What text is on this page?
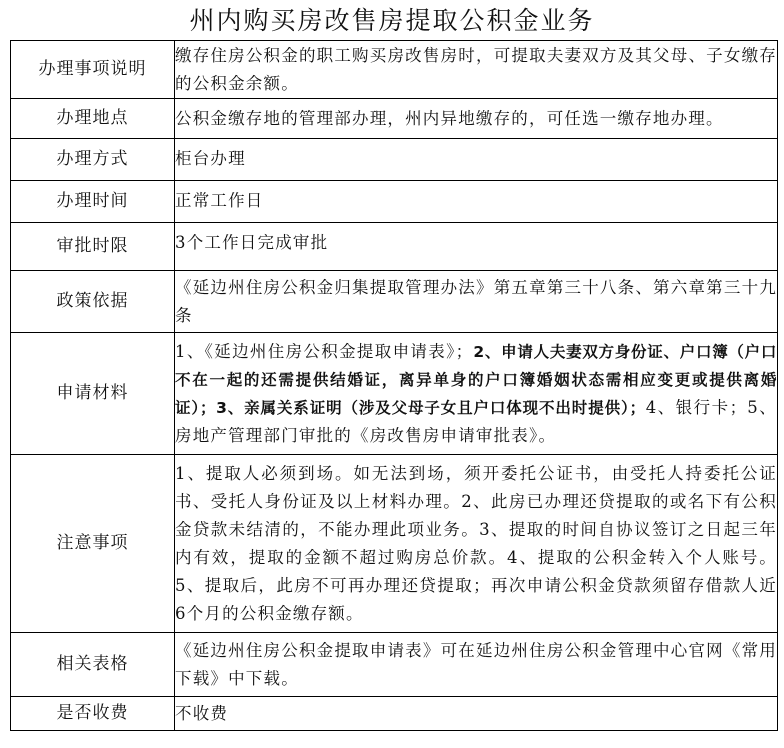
州内购买房改售房提取公积金业务
办理事项说明	缴存住房公积金的职工购买房改售房时，可提取夫妻双方及其父母、子女缴存的公积金余额。
办理地点	公积金缴存地的管理部办理，州内异地缴存的，可任选一缴存地办理。
办理方式	柜台办理
办理时间	正常工作日
审批时限	3个工作日完成审批
政策依据	《延边州住房公积金归集提取管理办法》第五章第三十八条、第六章第三十九条
申请材料	1、《延边州住房公积金提取申请表》；2、申请人夫妻双方身份证、户口簿（户口不在一起的还需提供结婚证，离异单身的户口簿婚姻状态需相应变更或提供离婚证）；3、亲属关系证明（涉及父母子女且户口体现不出时提供）；4、银行卡；5、房地产管理部门审批的《房改售房申请审批表》。
注意事项	1、提取人必须到场。如无法到场，须开委托公证书，由受托人持委托公证书、受托人身份证及以上材料办理。2、此房已办理还贷提取的或名下有公积金贷款未结清的，不能办理此项业务。3、提取的时间自协议签订之日起三年内有效，提取的金额不超过购房总价款。4、提取的公积金转入个人账号。5、提取后，此房不可再办理还贷提取；再次申请公积金贷款须留存借款人近6个月的公积金缴存额。
相关表格	《延边州住房公积金提取申请表》可在延边州住房公积金管理中心官网《常用下载》中下载。
是否收费	不收费
